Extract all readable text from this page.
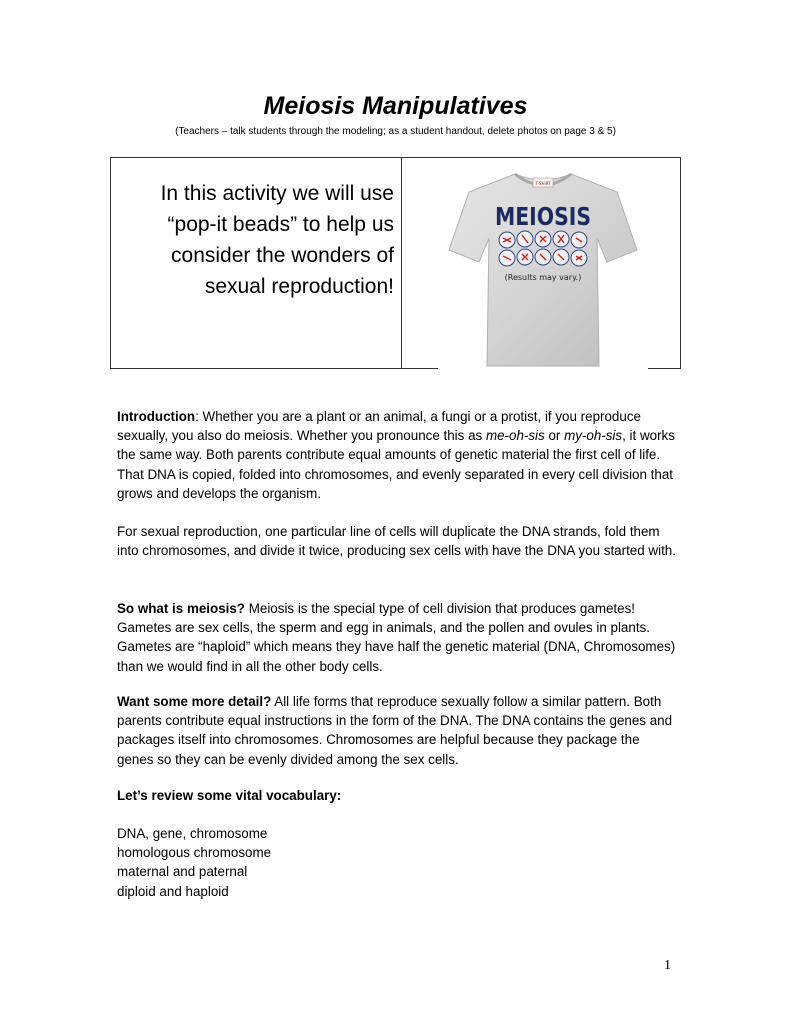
Meiosis Manipulatives
(Teachers – talk students through the modeling; as a student handout, delete photos on page 3 & 5)
In this activity we will use “pop-it beads” to help us consider the wonders of sexual reproduction!
T-SHIRT
MEIOSIS
(Results may vary.)
Introduction: Whether you are a plant or an animal, a fungi or a protist, if you reproduce sexually, you also do meiosis. Whether you pronounce this as me-oh-sis or my-oh-sis, it works the same way. Both parents contribute equal amounts of genetic material the first cell of life. That DNA is copied, folded into chromosomes, and evenly separated in every cell division that grows and develops the organism.
For sexual reproduction, one particular line of cells will duplicate the DNA strands, fold them into chromosomes, and divide it twice, producing sex cells with have the DNA you started with.
So what is meiosis? Meiosis is the special type of cell division that produces gametes! Gametes are sex cells, the sperm and egg in animals, and the pollen and ovules in plants. Gametes are “haploid” which means they have half the genetic material (DNA, Chromosomes) than we would find in all the other body cells.
Want some more detail? All life forms that reproduce sexually follow a similar pattern. Both parents contribute equal instructions in the form of the DNA. The DNA contains the genes and packages itself into chromosomes. Chromosomes are helpful because they package the genes so they can be evenly divided among the sex cells.
Let’s review some vital vocabulary:
DNA, gene, chromosome
homologous chromosome
maternal and paternal
diploid and haploid
1
